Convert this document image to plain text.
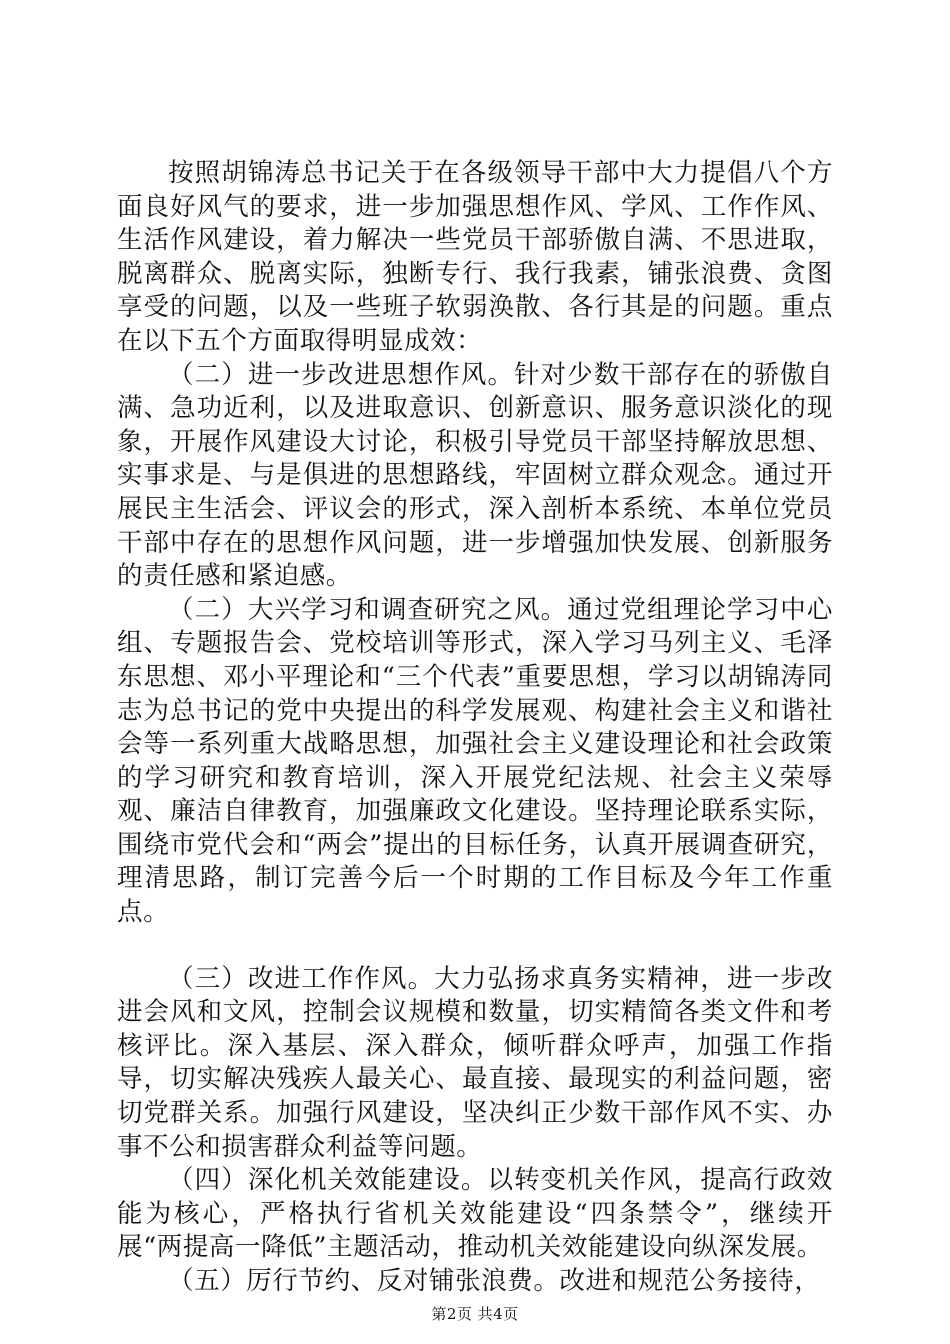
按照胡锦涛总书记关于在各级领导干部中大力提倡八个方面良好风气的要求，进一步加强思想作风、学风、工作作风、生活作风建设，着力解决一些党员干部骄傲自满、不思进取，脱离群众、脱离实际，独断专行、我行我素，铺张浪费、贪图享受的问题，以及一些班子软弱涣散、各行其是的问题。重点在以下五个方面取得明显成效：

（二）进一步改进思想作风。针对少数干部存在的骄傲自满、急功近利，以及进取意识、创新意识、服务意识淡化的现象，开展作风建设大讨论，积极引导党员干部坚持解放思想、实事求是、与是俱进的思想路线，牢固树立群众观念。通过开展民主生活会、评议会的形式，深入剖析本系统、本单位党员干部中存在的思想作风问题，进一步增强加快发展、创新服务的责任感和紧迫感。

（二）大兴学习和调查研究之风。通过党组理论学习中心组、专题报告会、党校培训等形式，深入学习马列主义、毛泽东思想、邓小平理论和“三个代表”重要思想，学习以胡锦涛同志为总书记的党中央提出的科学发展观、构建社会主义和谐社会等一系列重大战略思想，加强社会主义建设理论和社会政策的学习研究和教育培训，深入开展党纪法规、社会主义荣辱观、廉洁自律教育，加强廉政文化建设。坚持理论联系实际，围绕市党代会和“两会”提出的目标任务，认真开展调查研究，理清思路，制订完善今后一个时期的工作目标及今年工作重点。

（三）改进工作作风。大力弘扬求真务实精神，进一步改进会风和文风，控制会议规模和数量，切实精简各类文件和考核评比。深入基层、深入群众，倾听群众呼声，加强工作指导，切实解决残疾人最关心、最直接、最现实的利益问题，密切党群关系。加强行风建设，坚决纠正少数干部作风不实、办事不公和损害群众利益等问题。

（四）深化机关效能建设。以转变机关作风，提高行政效能为核心，严格执行省机关效能建设“四条禁令”，继续开展“两提高一降低”主题活动，推动机关效能建设向纵深发展。

（五）厉行节约、反对铺张浪费。改进和规范公务接待，

第2页 共4页
